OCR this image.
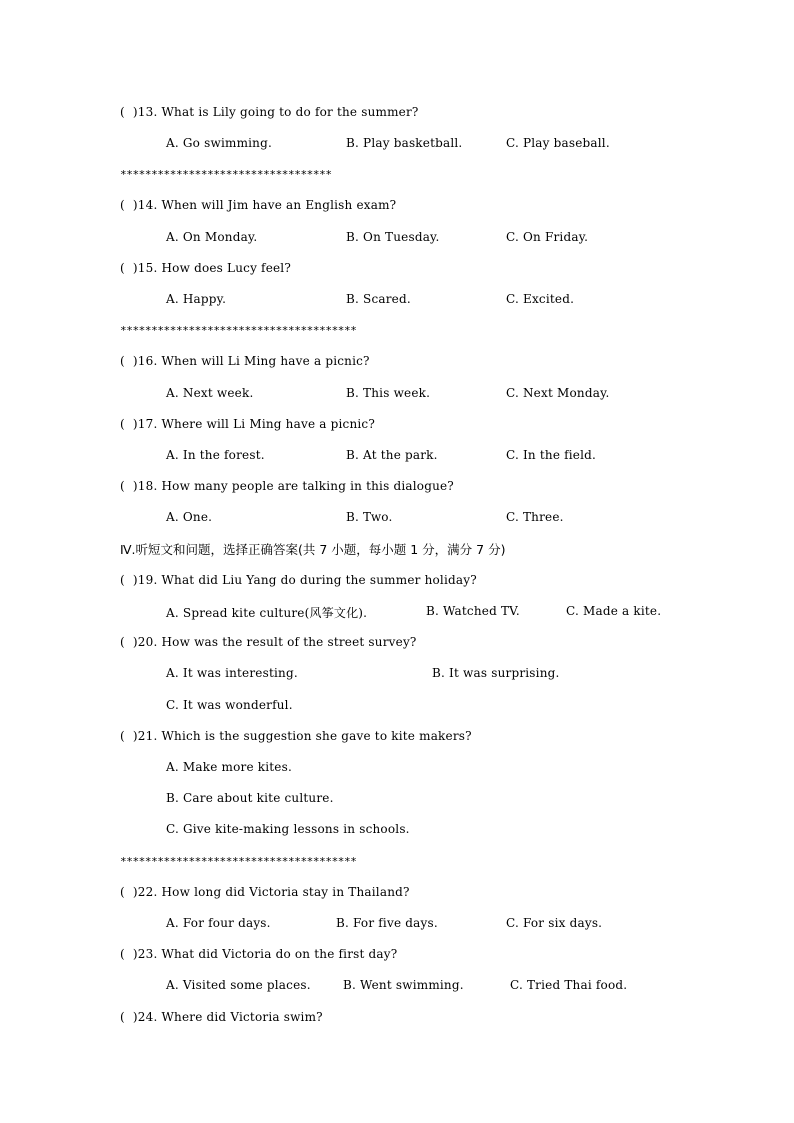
(  )13. What is Lily going to do for the summer?
A. Go swimming.	B. Play basketball.	C. Play baseball.
**********************************
(  )14. When will Jim have an English exam?
A. On Monday.	B. On Tuesday.	C. On Friday.
(  )15. How does Lucy feel?
A. Happy.	B. Scared.	C. Excited.
**************************************
(  )16. When will Li Ming have a picnic?
A. Next week.	B. This week.	C. Next Monday.
(  )17. Where will Li Ming have a picnic?
A. In the forest.	B. At the park.	C. In the field.
(  )18. How many people are talking in this dialogue?
A. One.	B. Two.	C. Three.
Ⅳ.听短文和问题，选择正确答案(共 7 小题，每小题 1 分，满分 7 分)
(  )19. What did Liu Yang do during the summer holiday?
A. Spread kite culture(风筝文化).	B. Watched TV.	C. Made a kite.
(  )20. How was the result of the street survey?
A. It was interesting.	B. It was surprising.
C. It was wonderful.
(  )21. Which is the suggestion she gave to kite makers?
A. Make more kites.
B. Care about kite culture.
C. Give kite-making lessons in schools.
**************************************
(  )22. How long did Victoria stay in Thailand?
A. For four days.	B. For five days.	C. For six days.
(  )23. What did Victoria do on the first day?
A. Visited some places.	B. Went swimming.	C. Tried Thai food.
(  )24. Where did Victoria swim?
